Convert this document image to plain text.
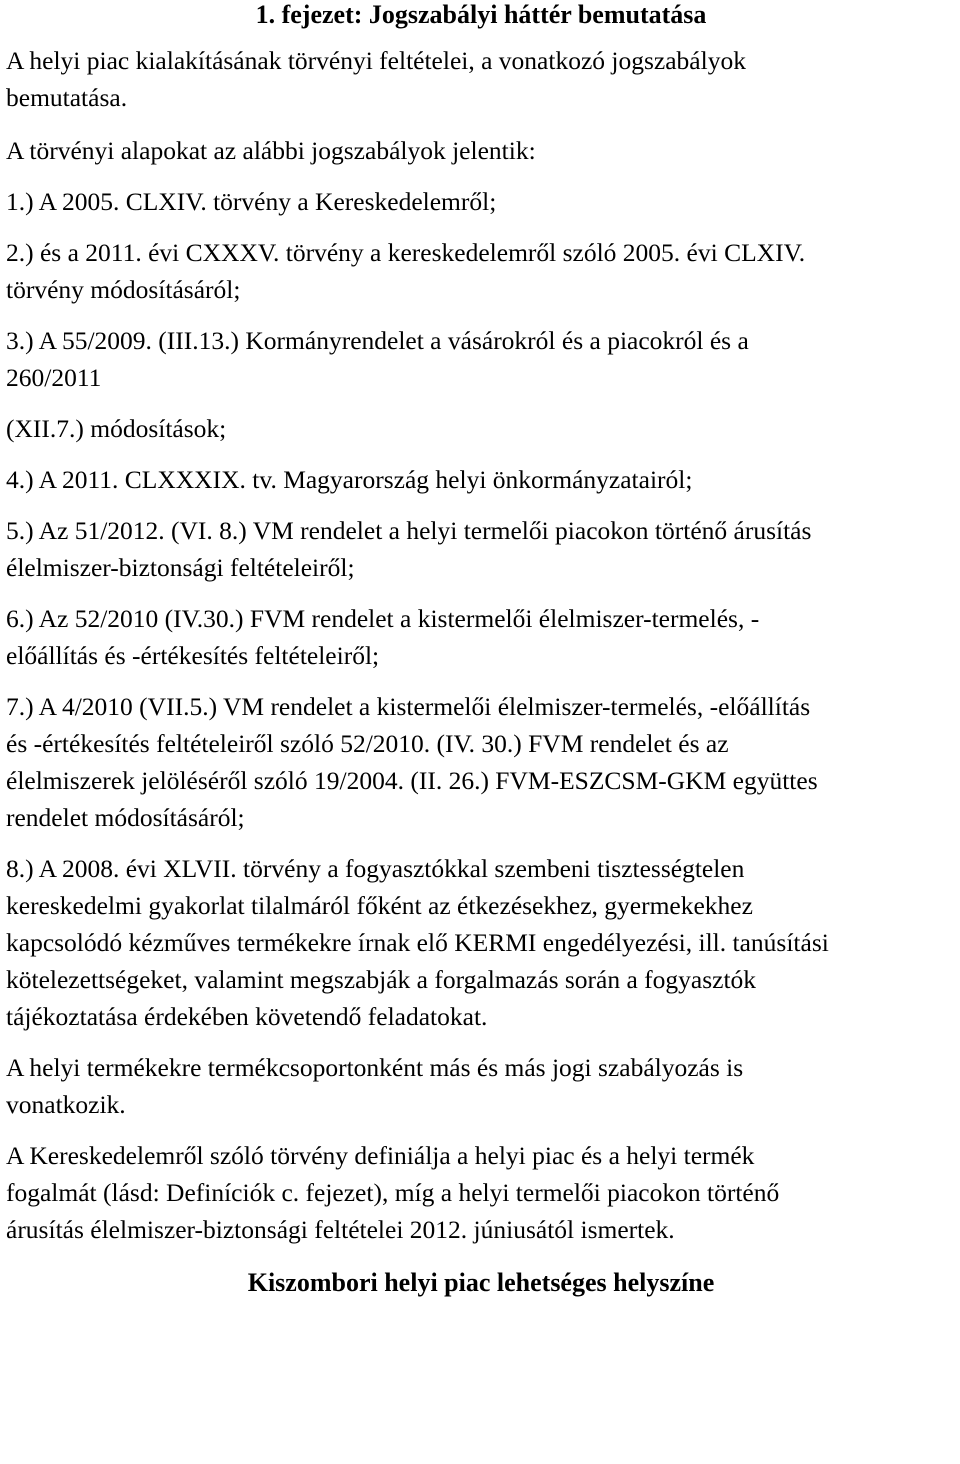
1. fejezet: Jogszabályi háttér bemutatása

A helyi piac kialakításának törvényi feltételei, a vonatkozó jogszabályok

bemutatása.

A törvényi alapokat az alábbi jogszabályok jelentik:

1.) A 2005. CLXIV. törvény a Kereskedelemről;

2.) és a 2011. évi CXXXV. törvény a kereskedelemről szóló 2005. évi CLXIV.

törvény módosításáról;

3.) A 55/2009. (III.13.) Kormányrendelet a vásárokról és a piacokról és a

260/2011

(XII.7.) módosítások;

4.) A 2011. CLXXXIX. tv. Magyarország helyi önkormányzatairól;

5.) Az 51/2012. (VI. 8.) VM rendelet a helyi termelői piacokon történő árusítás

élelmiszer-biztonsági feltételeiről;

6.) Az 52/2010 (IV.30.) FVM rendelet a kistermelői élelmiszer-termelés, -

előállítás és -értékesítés feltételeiről;

7.) A 4/2010 (VII.5.) VM rendelet a kistermelői élelmiszer-termelés, -előállítás

és -értékesítés feltételeiről szóló 52/2010. (IV. 30.) FVM rendelet és az

élelmiszerek jelöléséről szóló 19/2004. (II. 26.) FVM-ESZCSM-GKM együttes

rendelet módosításáról;

8.) A 2008. évi XLVII. törvény a fogyasztókkal szembeni tisztességtelen

kereskedelmi gyakorlat tilalmáról főként az étkezésekhez, gyermekekhez

kapcsolódó kézműves termékekre írnak elő KERMI engedélyezési, ill. tanúsítási

kötelezettségeket, valamint megszabják a forgalmazás során a fogyasztók

tájékoztatása érdekében követendő feladatokat.

A helyi termékekre termékcsoportonként más és más jogi szabályozás is

vonatkozik.

A Kereskedelemről szóló törvény definiálja a helyi piac és a helyi termék

fogalmát (lásd: Definíciók c. fejezet), míg a helyi termelői piacokon történő

árusítás élelmiszer-biztonsági feltételei 2012. júniusától ismertek.

Kiszombori helyi piac lehetséges helyszíne
